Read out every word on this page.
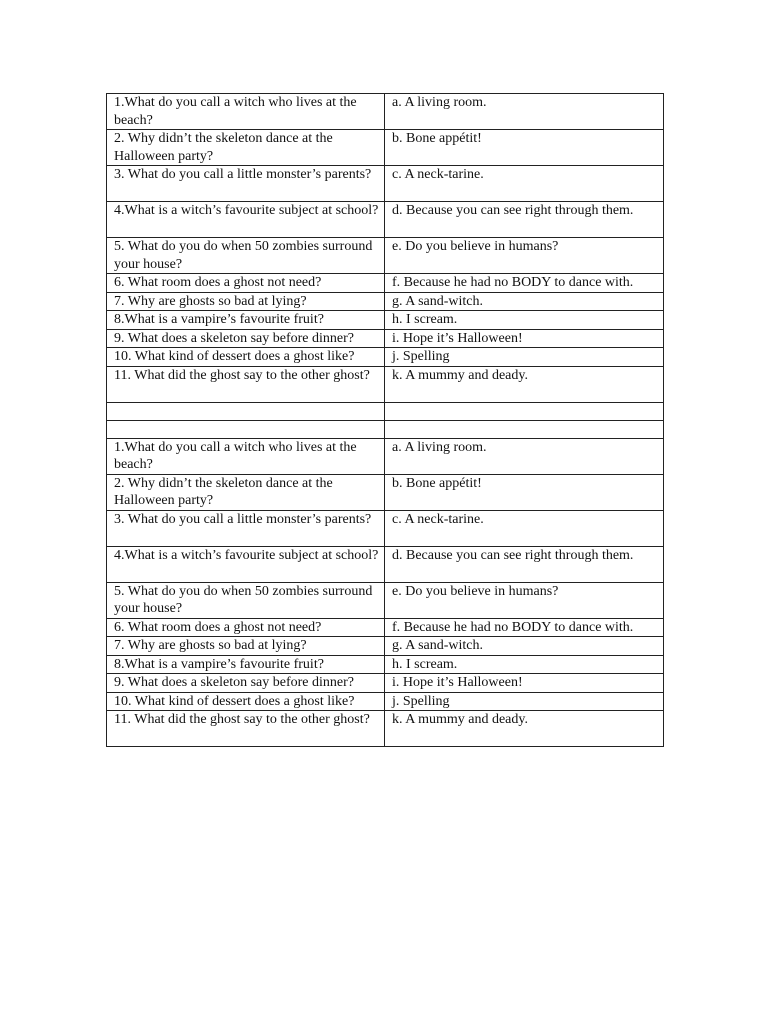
1.What do you call a witch who lives at the beach?	a. A living room.
2. Why didn’t the skeleton dance at the Halloween party?	b. Bone appétit!
3. What do you call a little monster’s parents?	c. A neck-tarine.
4.What is a witch’s favourite subject at school?	d. Because you can see right through them.
5. What do you do when 50 zombies surround your house?	e. Do you believe in humans?
6. What room does a ghost not need?	f. Because he had no BODY to dance with.
7. Why are ghosts so bad at lying?	g. A sand-witch.
8.What is a vampire’s favourite fruit?	h. I scream.
9. What does a skeleton say before dinner?	i. Hope it’s Halloween!
10. What kind of dessert does a ghost like?	j. Spelling
11. What did the ghost say to the other ghost?	k. A mummy and deady.

1.What do you call a witch who lives at the beach?	a. A living room.
2. Why didn’t the skeleton dance at the Halloween party?	b. Bone appétit!
3. What do you call a little monster’s parents?	c. A neck-tarine.
4.What is a witch’s favourite subject at school?	d. Because you can see right through them.
5. What do you do when 50 zombies surround your house?	e. Do you believe in humans?
6. What room does a ghost not need?	f. Because he had no BODY to dance with.
7. Why are ghosts so bad at lying?	g. A sand-witch.
8.What is a vampire’s favourite fruit?	h. I scream.
9. What does a skeleton say before dinner?	i. Hope it’s Halloween!
10. What kind of dessert does a ghost like?	j. Spelling
11. What did the ghost say to the other ghost?	k. A mummy and deady.
